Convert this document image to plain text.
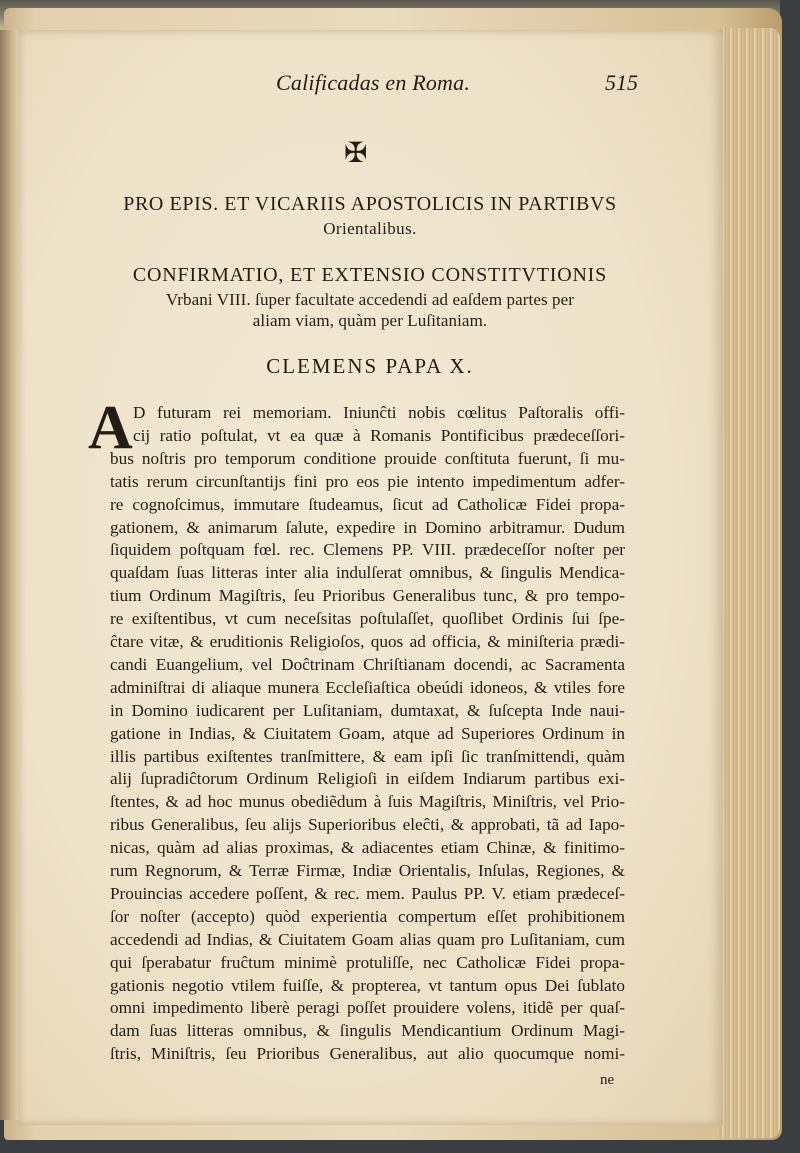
Calificadas en Roma.	515
✠
PRO EPIS. ET VICARIIS APOSTOLICIS IN PARTIBVS
Orientalibus.
CONFIRMATIO, ET EXTENSIO CONSTITVTIONIS
Vrbani VIII. ſuper facultate accedendi ad eaſdem partes per
aliam viam, quàm per Luſitaniam.
CLEMENS PAPA X.
A D futuram rei memoriam. Iniunĉti nobis cœlitus Paſtoralis offi-
cij ratio poſtulat, vt ea quæ à Romanis Pontificibus prædeceſſori-
bus noſtris pro temporum conditione prouide conſtituta fuerunt, ſi mu-
tatis rerum circunſtantijs fini pro eos pie intento impedimentum adfer-
re cognoſcimus, immutare ſtudeamus, ſicut ad Catholicæ Fidei propa-
gationem, & animarum ſalute, expedire in Domino arbitramur. Dudum
ſiquidem poſtquam fœl. rec. Clemens PP. VIII. prædeceſſor noſter per
quaſdam ſuas litteras inter alia indulſerat omnibus, & ſingulis Mendica-
tium Ordinum Magiſtris, ſeu Prioribus Generalibus tunc, & pro tempo-
re exiſtentibus, vt cum neceſsitas poſtulaſſet, quoſlibet Ordinis ſui ſpe-
ĉtare vitæ, & eruditionis Religioſos, quos ad officia, & miniſteria prædi-
candi Euangelium, vel Doĉtrinam Chriſtianam docendi, ac Sacramenta
adminiſtrai di aliaque munera Eccleſiaſtica obeúdi idoneos, & vtiles fore
in Domino iudicarent per Luſitaniam, dumtaxat, & ſuſcepta Inde naui-
gatione in Indias, & Ciuitatem Goam, atque ad Superiores Ordinum in
illis partibus exiſtentes tranſmittere, & eam ipſi ſic tranſmittendi, quàm
alij ſupradiĉtorum Ordinum Religioſi in eiſdem Indiarum partibus exi-
ſtentes, & ad hoc munus obediẽdum à ſuis Magiſtris, Miniſtris, vel Prio-
ribus Generalibus, ſeu alijs Superioribus eleĉti, & approbati, tã ad Iapo-
nicas, quàm ad alias proximas, & adiacentes etiam Chinæ, & finitimo-
rum Regnorum, & Terræ Firmæ, Indiæ Orientalis, Inſulas, Regiones, &
Prouincias accedere poſſent, & rec. mem. Paulus PP. V. etiam prædeceſ-
ſor noſter (accepto) quòd experientia compertum eſſet prohibitionem
accedendi ad Indias, & Ciuitatem Goam alias quam pro Luſitaniam, cum
qui ſperabatur fruĉtum minimè protuliſſe, nec Catholicæ Fidei propa-
gationis negotio vtilem fuiſſe, & propterea, vt tantum opus Dei ſublato
omni impedimento liberè peragi poſſet prouidere volens, itidẽ per quaſ-
dam ſuas litteras omnibus, & ſingulis Mendicantium Ordinum Magi-
ſtris, Miniſtris, ſeu Prioribus Generalibus, aut alio quocumque nomi-
ne
